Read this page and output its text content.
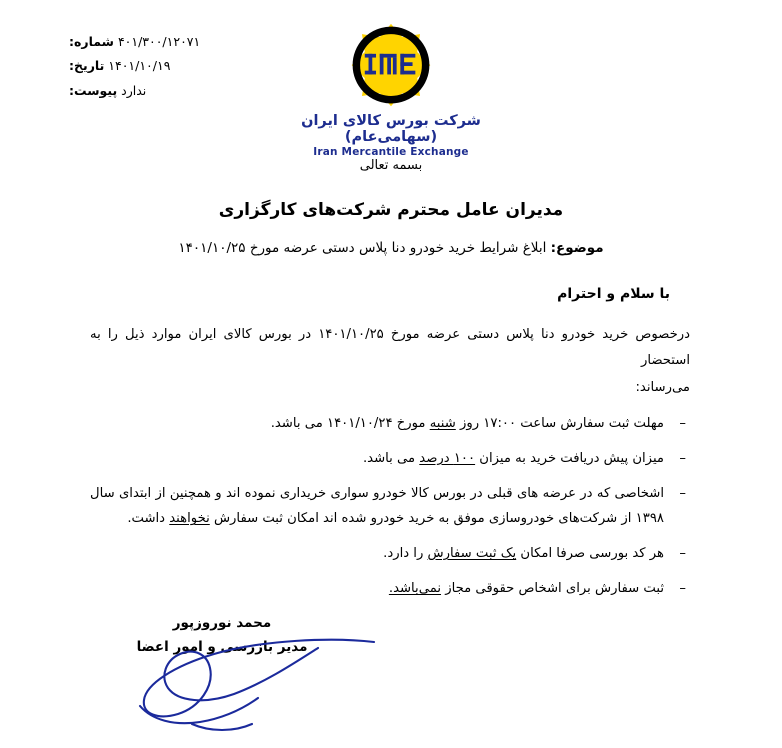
۴۰۱/۳۰۰/۱۲۰۷۱ شماره:
۱۴۰۱/۱۰/۱۹ تاریخ:
ندارد پیوست:
شرکت بورس کالای ایران (سهامی‌عام)
Iran Mercantile Exchange
بسمه تعالی
مدیران عامل محترم شرکت‌های کارگزاری
موضوع: ابلاغ شرایط خرید خودرو دنا پلاس دستی عرضه مورخ ۱۴۰۱/۱۰/۲۵
با سلام و احترام

درخصوص خرید خودرو دنا پلاس دستی عرضه مورخ ۱۴۰۱/۱۰/۲۵ در بورس کالای ایران موارد ذیل را به استحضار

می‌رساند:

– مهلت ثبت سفارش ساعت ۱۷:۰۰ روز شنبه مورخ ۱۴۰۱/۱۰/۲۴ می باشد.
– میزان پیش دریافت خرید به میزان ۱۰۰ درصد می باشد.
– اشخاصی که در عرضه های قبلی در بورس کالا خودرو سواری خریداری نموده اند و همچنین از ابتدای سال ۱۳۹۸ از شرکت‌های خودروسازی موفق به خرید خودرو شده اند امکان ثبت سفارش نخواهند داشت.
– هر کد بورسی صرفا امکان یک ثبت سفارش را دارد.
– ثبت سفارش برای اشخاص حقوقی مجاز نمی‌باشد.
محمد نوروزپور
مدیر بازرسی و امور اعضا
